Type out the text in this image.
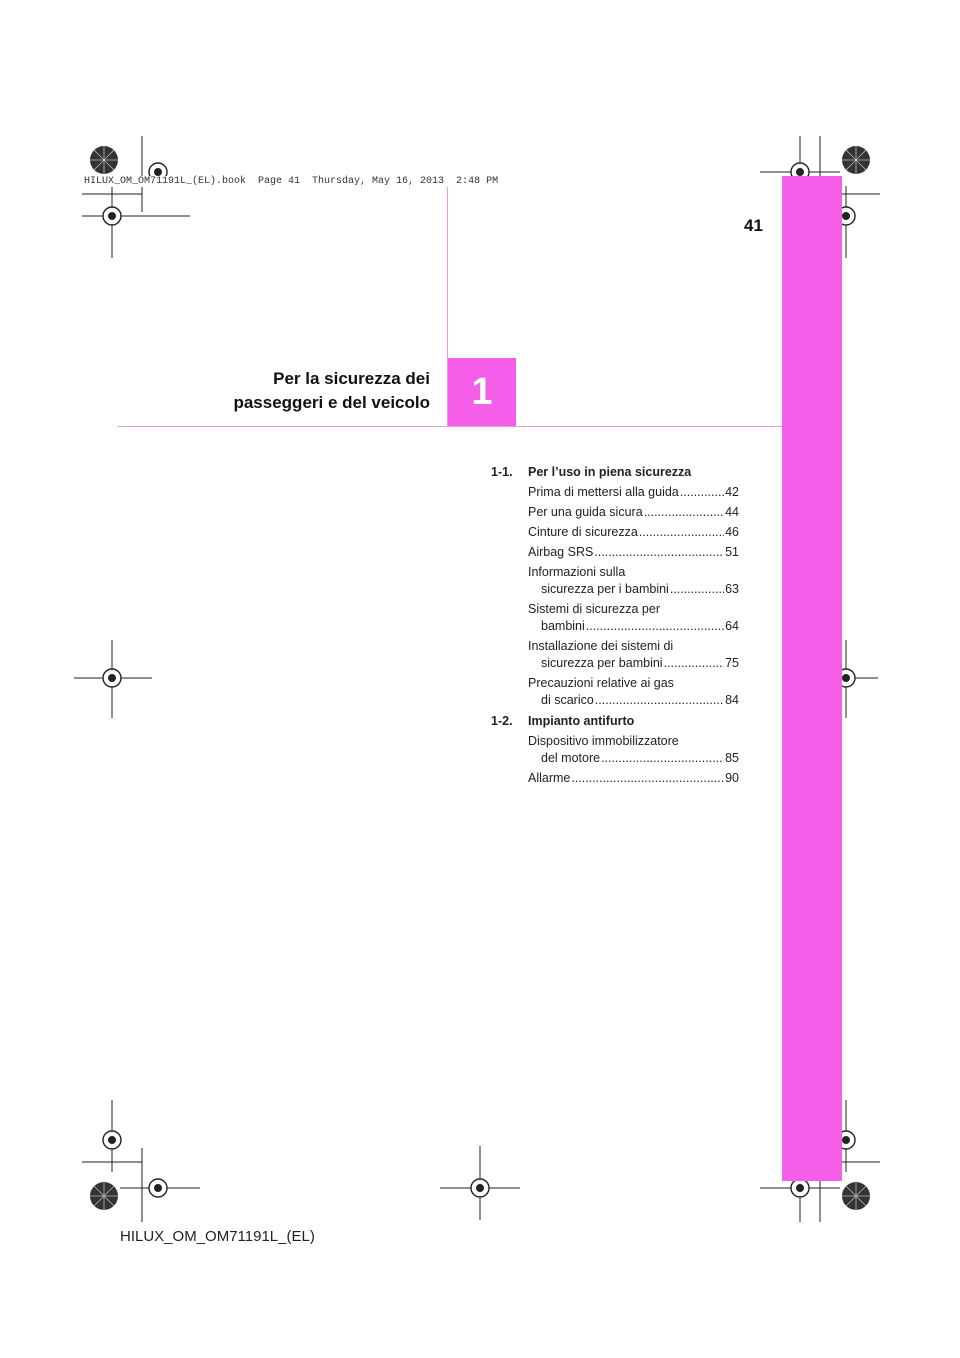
HILUX_OM_OM71191L_(EL).book  Page 41  Thursday, May 16, 2013  2:48 PM
41
Per la sicurezza dei
passeggeri e del veicolo 1
1-1.	Per l’uso in piena sicurezza
Prima di mettersi alla guida .....	42
Per una guida sicura .....	44
Cinture di sicurezza .....	46
Airbag SRS .....	51
Informazioni sulla
sicurezza per i bambini .....	63
Sistemi di sicurezza per
bambini .....	64
Installazione dei sistemi di
sicurezza per bambini .....	75
Precauzioni relative ai gas
di scarico .....	84
1-2.	Impianto antifurto
Dispositivo immobilizzatore
del motore .....	85
Allarme .....	90
HILUX_OM_OM71191L_(EL)
